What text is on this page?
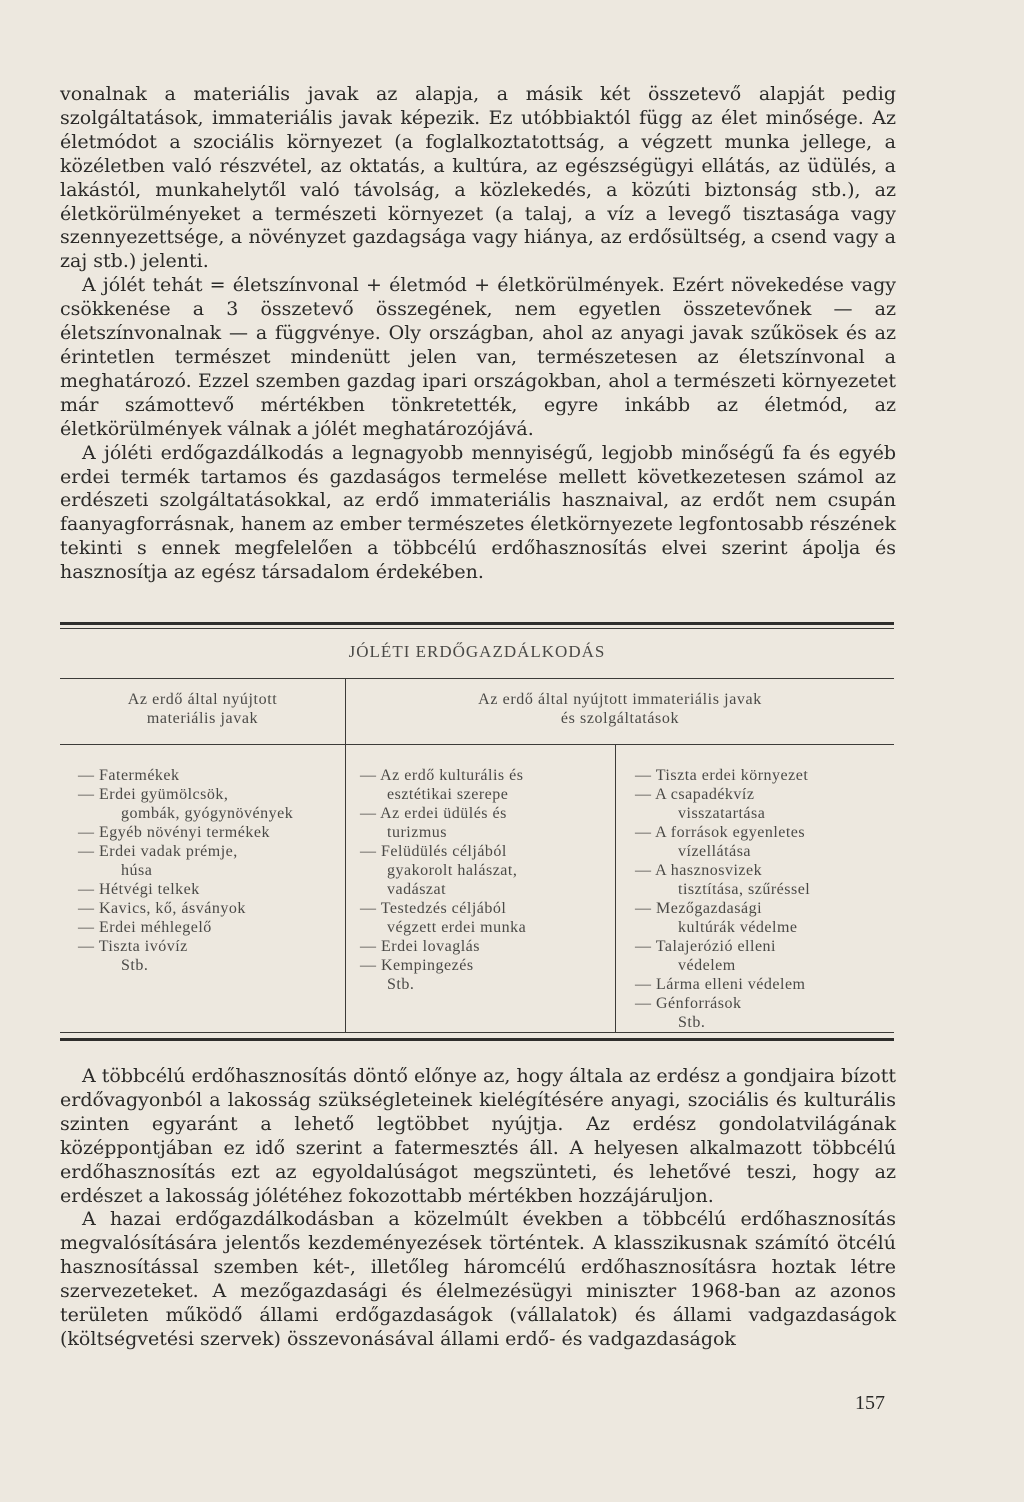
vonalnak a materiális javak az alapja, a másik két összetevő alapját pedig szolgáltatások, immateriális javak képezik. Ez utóbbiaktól függ az élet minősége. Az életmódot a szociális környezet (a foglalkoztatottság, a végzett munka jellege, a közéletben való részvétel, az oktatás, a kultúra, az egészségügyi ellátás, az üdülés, a lakástól, munkahelytől való távolság, a közlekedés, a közúti biztonság stb.), az életkörülményeket a természeti környezet (a talaj, a víz a levegő tisztasága vagy szennyezettsége, a növényzet gazdagsága vagy hiánya, az erdősültség, a csend vagy a zaj stb.) jelenti.

A jólét tehát = életszínvonal + életmód + életkörülmények. Ezért növekedése vagy csökkenése a 3 összetevő összegének, nem egyetlen összetevőnek — az életszínvonalnak — a függvénye. Oly országban, ahol az anyagi javak szűkösek és az érintetlen természet mindenütt jelen van, természetesen az életszínvonal a meghatározó. Ezzel szemben gazdag ipari országokban, ahol a természeti környezetet már számottevő mértékben tönkretették, egyre inkább az életmód, az életkörülmények válnak a jólét meghatározójává.

A jóléti erdőgazdálkodás a legnagyobb mennyiségű, legjobb minőségű fa és egyéb erdei termék tartamos és gazdaságos termelése mellett következetesen számol az erdészeti szolgáltatásokkal, az erdő immateriális hasznaival, az erdőt nem csupán faanyagforrásnak, hanem az ember természetes életkörnyezete legfontosabb részének tekinti s ennek megfelelően a többcélú erdőhasznosítás elvei szerint ápolja és hasznosítja az egész társadalom érdekében.

JÓLÉTI ERDŐGAZDÁLKODÁS
Az erdő által nyújtott
materiális javak
Az erdő által nyújtott immateriális javak
és szolgáltatások
— Fatermékek
— Erdei gyümölcsök,
gombák, gyógynövények
— Egyéb növényi termékek
— Erdei vadak prémje,
húsa
— Hétvégi telkek
— Kavics, kő, ásványok
— Erdei méhlegelő
— Tiszta ivóvíz
Stb.
— Az erdő kulturális és
esztétikai szerepe
— Az erdei üdülés és
turizmus
— Felüdülés céljából
gyakorolt halászat,
vadászat
— Testedzés céljából
végzett erdei munka
— Erdei lovaglás
— Kempingezés
Stb.
— Tiszta erdei környezet
— A csapadékvíz
visszatartása
— A források egyenletes
vízellátása
— A hasznosvizek
tisztítása, szűréssel
— Mezőgazdasági
kultúrák védelme
— Talajerózió elleni
védelem
— Lárma elleni védelem
— Génforrások
Stb.

A többcélú erdőhasznosítás döntő előnye az, hogy általa az erdész a gondjaira bízott erdővagyonból a lakosság szükségleteinek kielégítésére anyagi, szociális és kulturális szinten egyaránt a lehető legtöbbet nyújtja. Az erdész gondolatvilágának középpontjában ez idő szerint a fatermesztés áll. A helyesen alkalmazott többcélú erdőhasznosítás ezt az egyoldalúságot megszünteti, és lehetővé teszi, hogy az erdészet a lakosság jólétéhez fokozottabb mértékben hozzájáruljon.

A hazai erdőgazdálkodásban a közelmúlt években a többcélú erdőhasznosítás megvalósítására jelentős kezdeményezések történtek. A klasszikusnak számító ötcélú hasznosítással szemben két-, illetőleg háromcélú erdőhasznosításra hoztak létre szervezeteket. A mezőgazdasági és élelmezésügyi miniszter 1968-ban az azonos területen működő állami erdőgazdaságok (vállalatok) és állami vadgazdaságok (költségvetési szervek) összevonásával állami erdő- és vadgazdaságok

157
